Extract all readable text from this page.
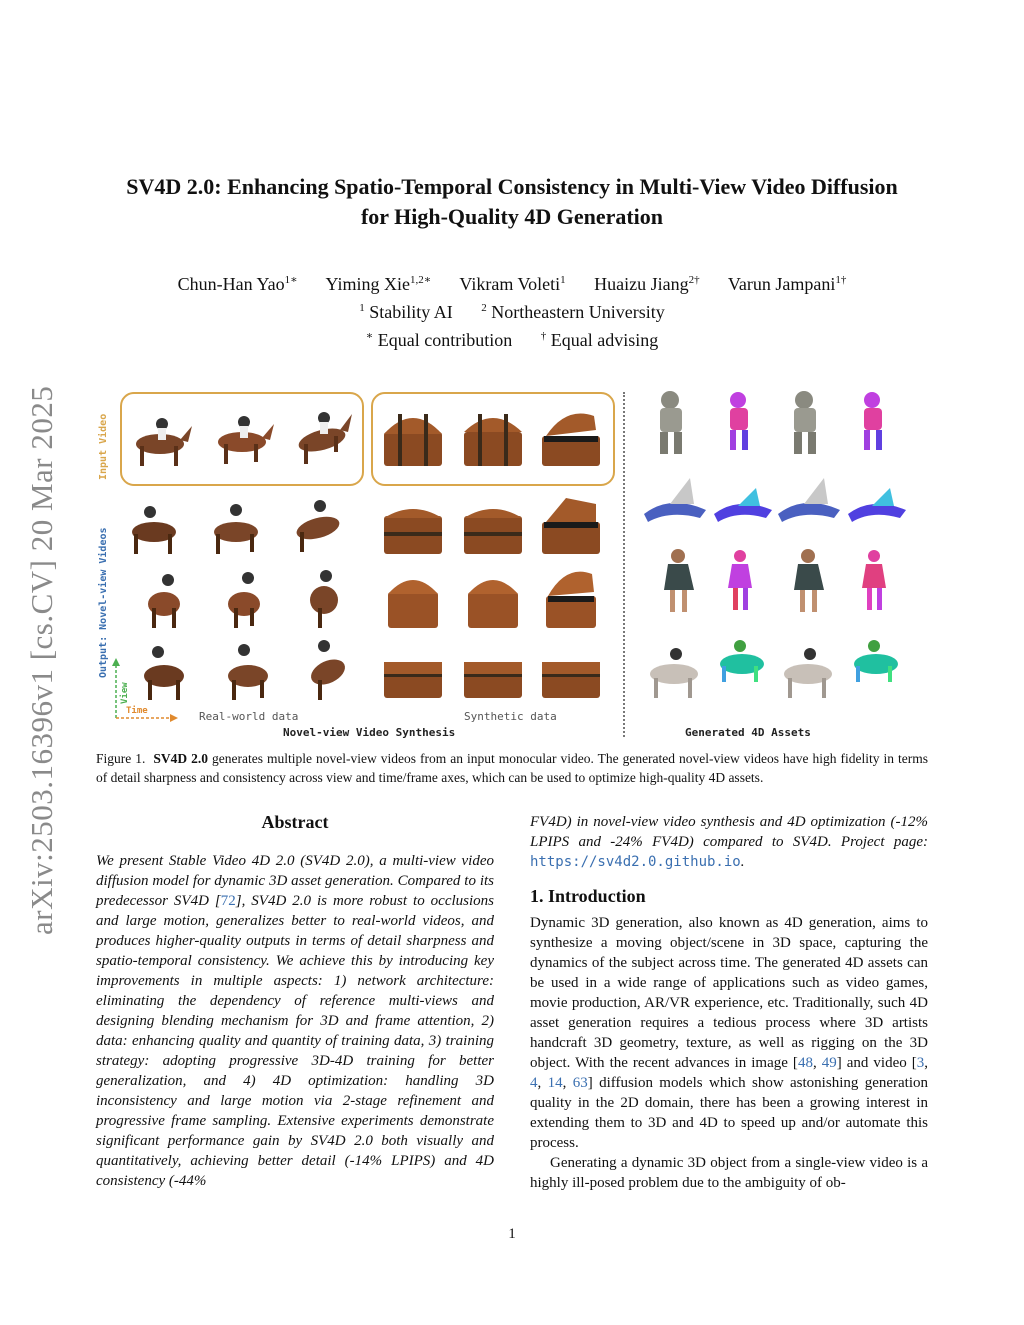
arXiv:2503.16396v1 [cs.CV] 20 Mar 2025
SV4D 2.0: Enhancing Spatio-Temporal Consistency in Multi-View Video Diffusion
for High-Quality 4D Generation
Chun-Han Yao$^{1∗}$ Yiming Xie$^{1,2∗}$ Vikram Voleti$^1$ Huaizu Jiang$^{2\dagger}$ Varun Jampani$^{1\dagger}$
$^1$ Stability AI	$^2$ Northeastern University
∗ Equal contribution	† Equal advising
Input Video
Output: Novel-view Videos
View
Time	Real-world data	Synthetic data
Novel-view Video Synthesis	Generated 4D Assets
Figure 1. SV4D 2.0 generates multiple novel-view videos from an input monocular video. The generated novel-view videos have high fidelity in terms of detail sharpness and consistency across view and time/frame axes, which can be used to optimize high-quality 4D assets.
Abstract

We present Stable Video 4D 2.0 (SV4D 2.0), a multi-view video diffusion model for dynamic 3D asset generation. Compared to its predecessor SV4D [72], SV4D 2.0 is more robust to occlusions and large motion, generalizes better to real-world videos, and produces higher-quality outputs in terms of detail sharpness and spatio-temporal consistency. We achieve this by introducing key improvements in multiple aspects: 1) network architecture: eliminating the dependency of reference multi-views and designing blending mechanism for 3D and frame attention, 2) data: enhancing quality and quantity of training data, 3) training strategy: adopting progressive 3D-4D training for better generalization, and 4) 4D optimization: handling 3D inconsistency and large motion via 2-stage refinement and progressive frame sampling. Extensive experiments demonstrate significant performance gain by SV4D 2.0 both visually and quantitatively, achieving better detail (-14% LPIPS) and 4D consistency (-44%

FV4D) in novel-view video synthesis and 4D optimization (-12% LPIPS and -24% FV4D) compared to SV4D. Project page: https://sv4d2.0.github.io.

1. Introduction

Dynamic 3D generation, also known as 4D generation, aims to synthesize a moving object/scene in 3D space, capturing the dynamics of the subject across time. The generated 4D assets can be used in a wide range of applications such as video games, movie production, AR/VR experience, etc. Traditionally, such 4D asset generation requires a tedious process where 3D artists handcraft 3D geometry, texture, as well as rigging on the 3D object. With the recent advances in image [48, 49] and video [3, 4, 14, 63] diffusion models which show astonishing generation quality in the 2D domain, there has been a growing interest in extending them to 3D and 4D to speed up and/or automate this process.

Generating a dynamic 3D object from a single-view video is a highly ill-posed problem due to the ambiguity of ob-

1
